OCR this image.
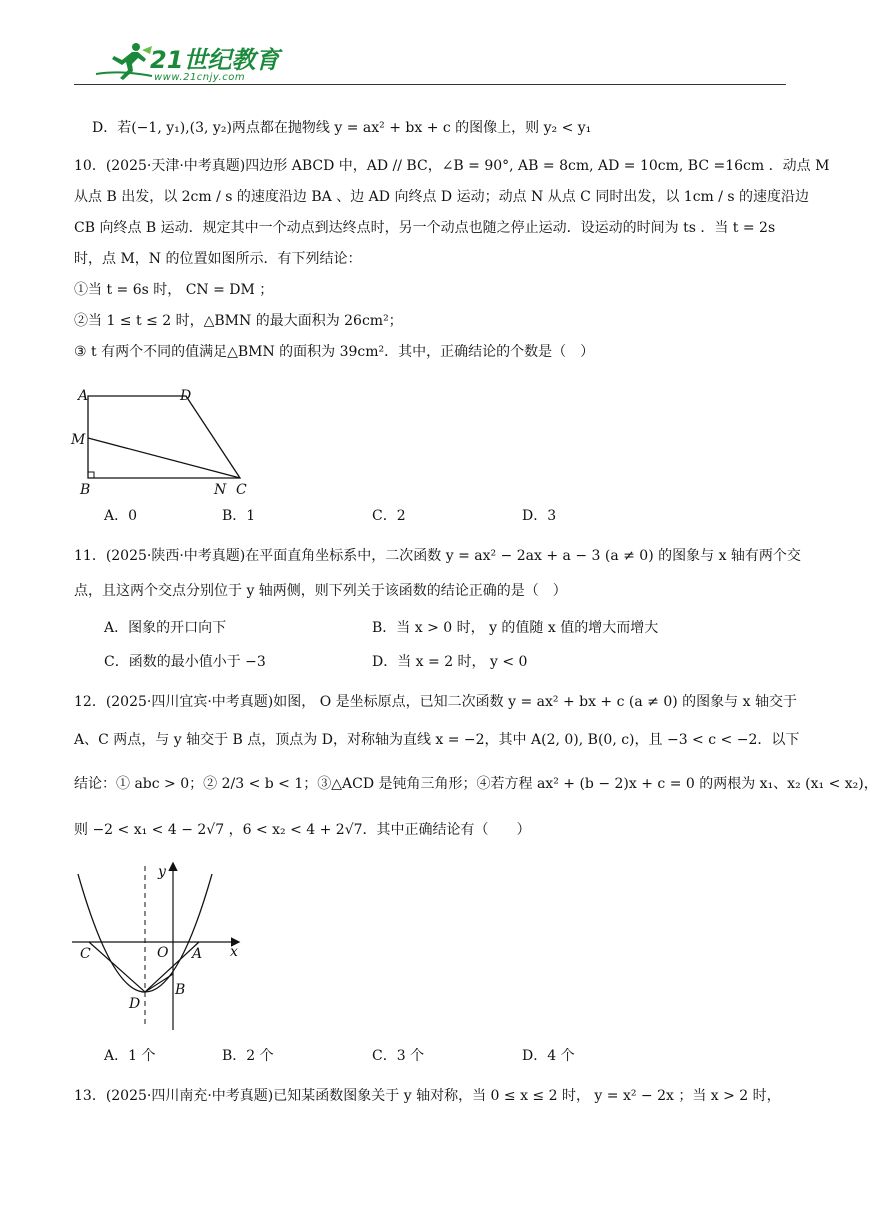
21世纪教育
www.21cnjy.com
D．若(−1, y₁),(3, y₂)两点都在抛物线 y = ax² + bx + c 的图像上，则 y₂ < y₁
10．(2025·天津·中考真题)四边形 ABCD 中，AD // BC，∠B = 90°, AB = 8cm, AD = 10cm, BC =16cm ．动点 M
从点 B 出发，以 2cm / s 的速度沿边 BA 、边 AD 向终点 D 运动；动点 N 从点 C 同时出发，以 1cm / s 的速度沿边
CB 向终点 B 运动．规定其中一个动点到达终点时，另一个动点也随之停止运动．设运动的时间为 ts ．当 t = 2s
时，点 M，N 的位置如图所示．有下列结论：
①当 t = 6s 时， CN = DM ；
②当 1 ≤ t ≤ 2 时，△BMN 的最大面积为 26cm²；
③ t 有两个不同的值满足△BMN 的面积为 39cm²．其中，正确结论的个数是（　）
A	D
M
B	N C
A．0	B．1	C．2	D．3
11．(2025·陕西·中考真题)在平面直角坐标系中，二次函数 y = ax² − 2ax + a − 3 (a ≠ 0) 的图象与 x 轴有两个交
点，且这两个交点分别位于 y 轴两侧，则下列关于该函数的结论正确的是（　）
A．图象的开口向下	B．当 x > 0 时， y 的值随 x 值的增大而增大
C．函数的最小值小于 −3	D．当 x = 2 时， y < 0
12．(2025·四川宜宾·中考真题)如图， O 是坐标原点，已知二次函数 y = ax² + bx + c (a ≠ 0) 的图象与 x 轴交于
A、C 两点，与 y 轴交于 B 点，顶点为 D，对称轴为直线 x = −2，其中 A(2, 0), B(0, c)，且 −3 < c < −2．以下
结论：① abc > 0；② 2/3 < b < 1；③△ACD 是钝角三角形；④若方程 ax² + (b − 2)x + c = 0 的两根为 x₁、x₂ (x₁ < x₂)，
则 −2 < x₁ < 4 − 2√7 ，6 < x₂ < 4 + 2√7．其中正确结论有（　　）
y
x
C	O A
B
D
A．1 个	B．2 个	C．3 个	D．4 个
13．(2025·四川南充·中考真题)已知某函数图象关于 y 轴对称，当 0 ≤ x ≤ 2 时， y = x² − 2x ；当 x > 2 时，
